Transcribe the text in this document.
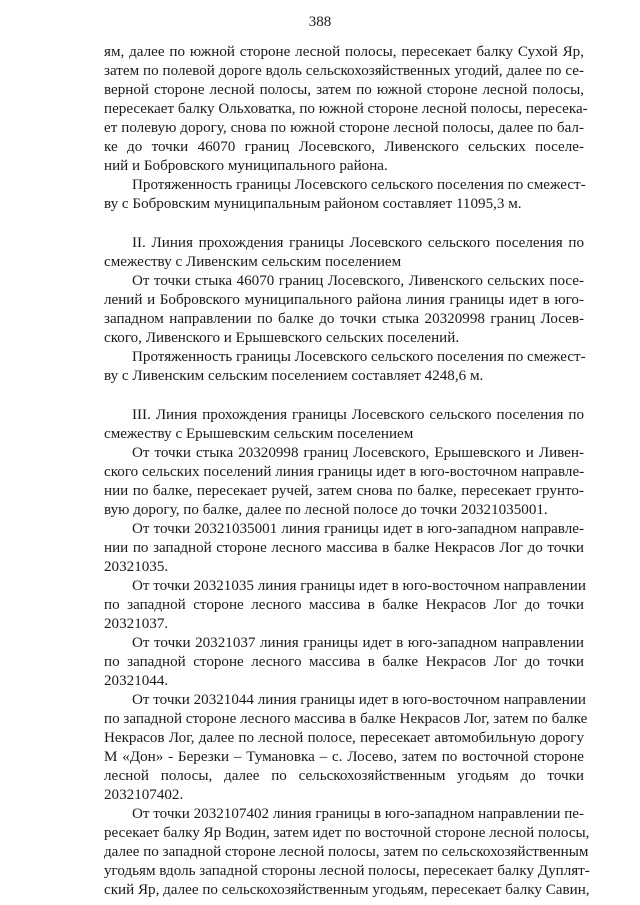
388
ям, далее по южной стороне лесной полосы, пересекает балку Сухой Яр,
затем по полевой дороге вдоль сельскохозяйственных угодий, далее по се-
верной стороне лесной полосы, затем по южной стороне лесной полосы,
пересекает балку Ольховатка, по южной стороне лесной полосы, пересека-
ет полевую дорогу, снова по южной стороне лесной полосы, далее по бал-
ке до точки 46070 границ Лосевского, Ливенского сельских поселе-
ний и Бобровского муниципального района.
Протяженность границы Лосевского сельского поселения по смежест-
ву с Бобровским муниципальным районом составляет 11095,3 м.
II. Линия прохождения границы Лосевского сельского поселения по
смежеству с Ливенским сельским поселением
От точки стыка 46070 границ Лосевского, Ливенского сельских посе-
лений и Бобровского муниципального района линия границы идет в юго-
западном направлении по балке до точки стыка 20320998 границ Лосев-
ского, Ливенского и Ерышевского сельских поселений.
Протяженность границы Лосевского сельского поселения по смежест-
ву с Ливенским сельским поселением составляет 4248,6 м.
III. Линия прохождения границы Лосевского сельского поселения по
смежеству с Ерышевским сельским поселением
От точки стыка 20320998 границ Лосевского, Ерышевского и Ливен-
ского сельских поселений линия границы идет в юго-восточном направле-
нии по балке, пересекает ручей, затем снова по балке, пересекает грунто-
вую дорогу, по балке, далее по лесной полосе до точки 20321035001.
От точки 20321035001 линия границы идет в юго-западном направле-
нии по западной стороне лесного массива в балке Некрасов Лог до точки
20321035.
От точки 20321035 линия границы идет в юго-восточном направлении
по западной стороне лесного массива в балке Некрасов Лог до точки
20321037.
От точки 20321037 линия границы идет в юго-западном направлении
по западной стороне лесного массива в балке Некрасов Лог до точки
20321044.
От точки 20321044 линия границы идет в юго-восточном направлении
по западной стороне лесного массива в балке Некрасов Лог, затем по балке
Некрасов Лог, далее по лесной полосе, пересекает автомобильную дорогу
М «Дон» - Березки – Тумановка – с. Лосево, затем по восточной стороне
лесной полосы, далее по сельскохозяйственным угодьям до точки
2032107402.
От точки 2032107402 линия границы в юго-западном направлении пе-
ресекает балку Яр Водин, затем идет по восточной стороне лесной полосы,
далее по западной стороне лесной полосы, затем по сельскохозяйственным
угодьям вдоль западной стороны лесной полосы, пересекает балку Дуплят-
ский Яр, далее по сельскохозяйственным угодьям, пересекает балку Савин,
